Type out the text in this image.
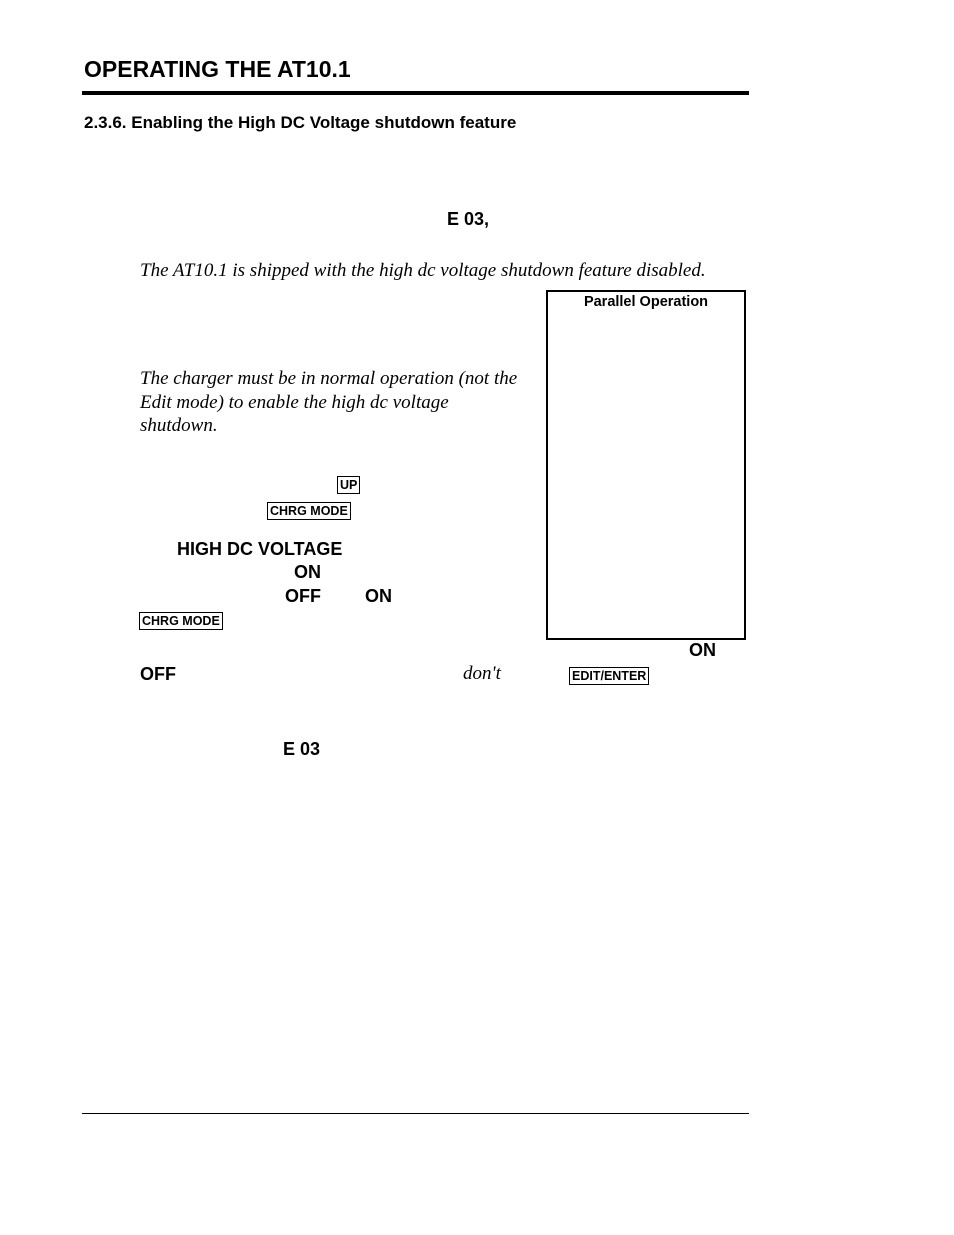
OPERATING THE AT10.1
2.3.6. Enabling the High DC Voltage shutdown feature
E 03,
The AT10.1 is shipped with the high dc voltage shutdown feature disabled.
Parallel Operation
The charger must be in normal operation (not the Edit mode) to enable the high dc voltage shutdown.
UP
CHRG MODE
HIGH DC VOLTAGE
ON
OFF ON
CHRG MODE
ON
OFF	don't	EDIT/ENTER
E 03
